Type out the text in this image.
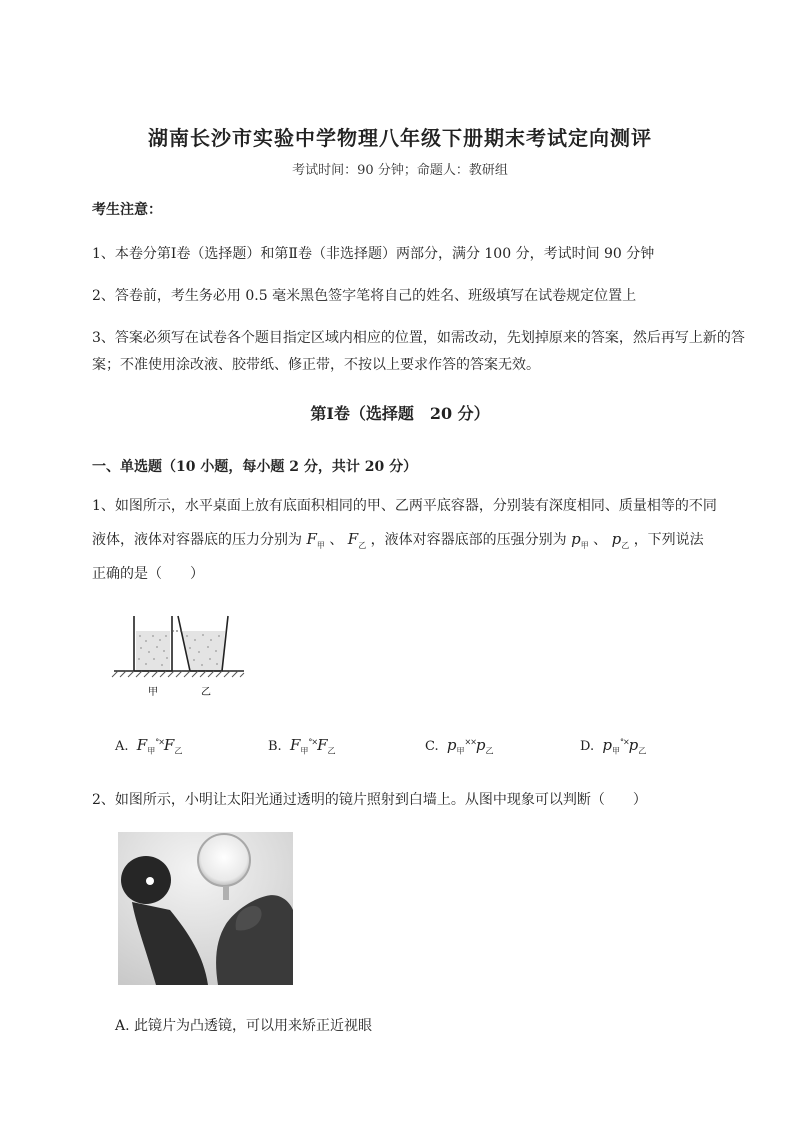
湖南长沙市实验中学物理八年级下册期末考试定向测评
考试时间：90 分钟；命题人：教研组
考生注意：
1、本卷分第Ⅰ卷（选择题）和第Ⅱ卷（非选择题）两部分，满分 100 分，考试时间 90 分钟
2、答卷前，考生务必用 0.5 毫米黑色签字笔将自己的姓名、班级填写在试卷规定位置上
3、答案必须写在试卷各个题目指定区域内相应的位置，如需改动，先划掉原来的答案，然后再写上新的答案；不准使用涂改液、胶带纸、修正带，不按以上要求作答的答案无效。
第Ⅰ卷（选择题　20 分）
一、单选题（10 小题，每小题 2 分，共计 20 分）
1、如图所示，水平桌面上放有底面积相同的甲、乙两平底容器，分别装有深度相同、质量相等的不同
液体，液体对容器底的压力分别为 $F_甲$ 、 $F_乙$ ，液体对容器底部的压强分别为 $p_甲$ 、 $p_乙$ ，下列说法
正确的是（　　）
甲	乙
A. $F_甲^{^\circ\times}F_乙$	B. $F_甲^{^\circ\times}F_乙$	C. $p_甲^{\times\times}p_乙$	D. $p_甲^{^\circ\times}p_乙$
2、如图所示，小明让太阳光通过透明的镜片照射到白墙上。从图中现象可以判断（　　）
A. 此镜片为凸透镜，可以用来矫正近视眼
